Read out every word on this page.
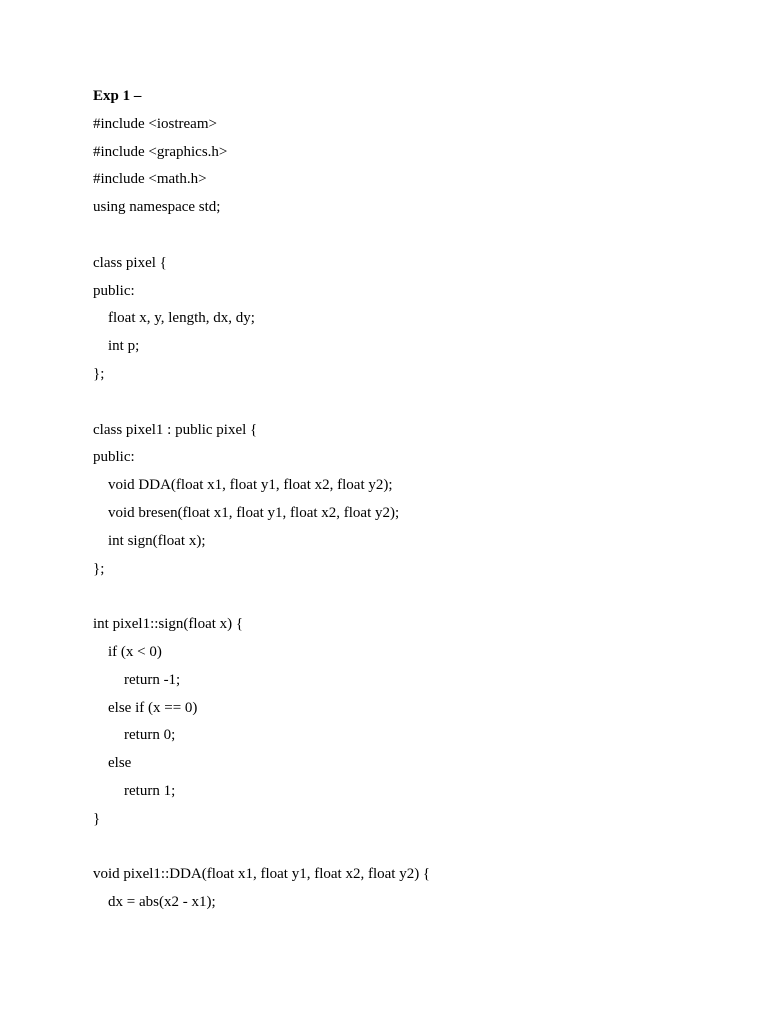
Exp 1 –
#include <iostream>
#include <graphics.h>
#include <math.h>
using namespace std;
class pixel {
public:
float x, y, length, dx, dy;
int p;
};
class pixel1 : public pixel {
public:
void DDA(float x1, float y1, float x2, float y2);
void bresen(float x1, float y1, float x2, float y2);
int sign(float x);
};
int pixel1::sign(float x) {
if (x < 0)
return -1;
else if (x == 0)
return 0;
else
return 1;
}
void pixel1::DDA(float x1, float y1, float x2, float y2) {
dx = abs(x2 - x1);
